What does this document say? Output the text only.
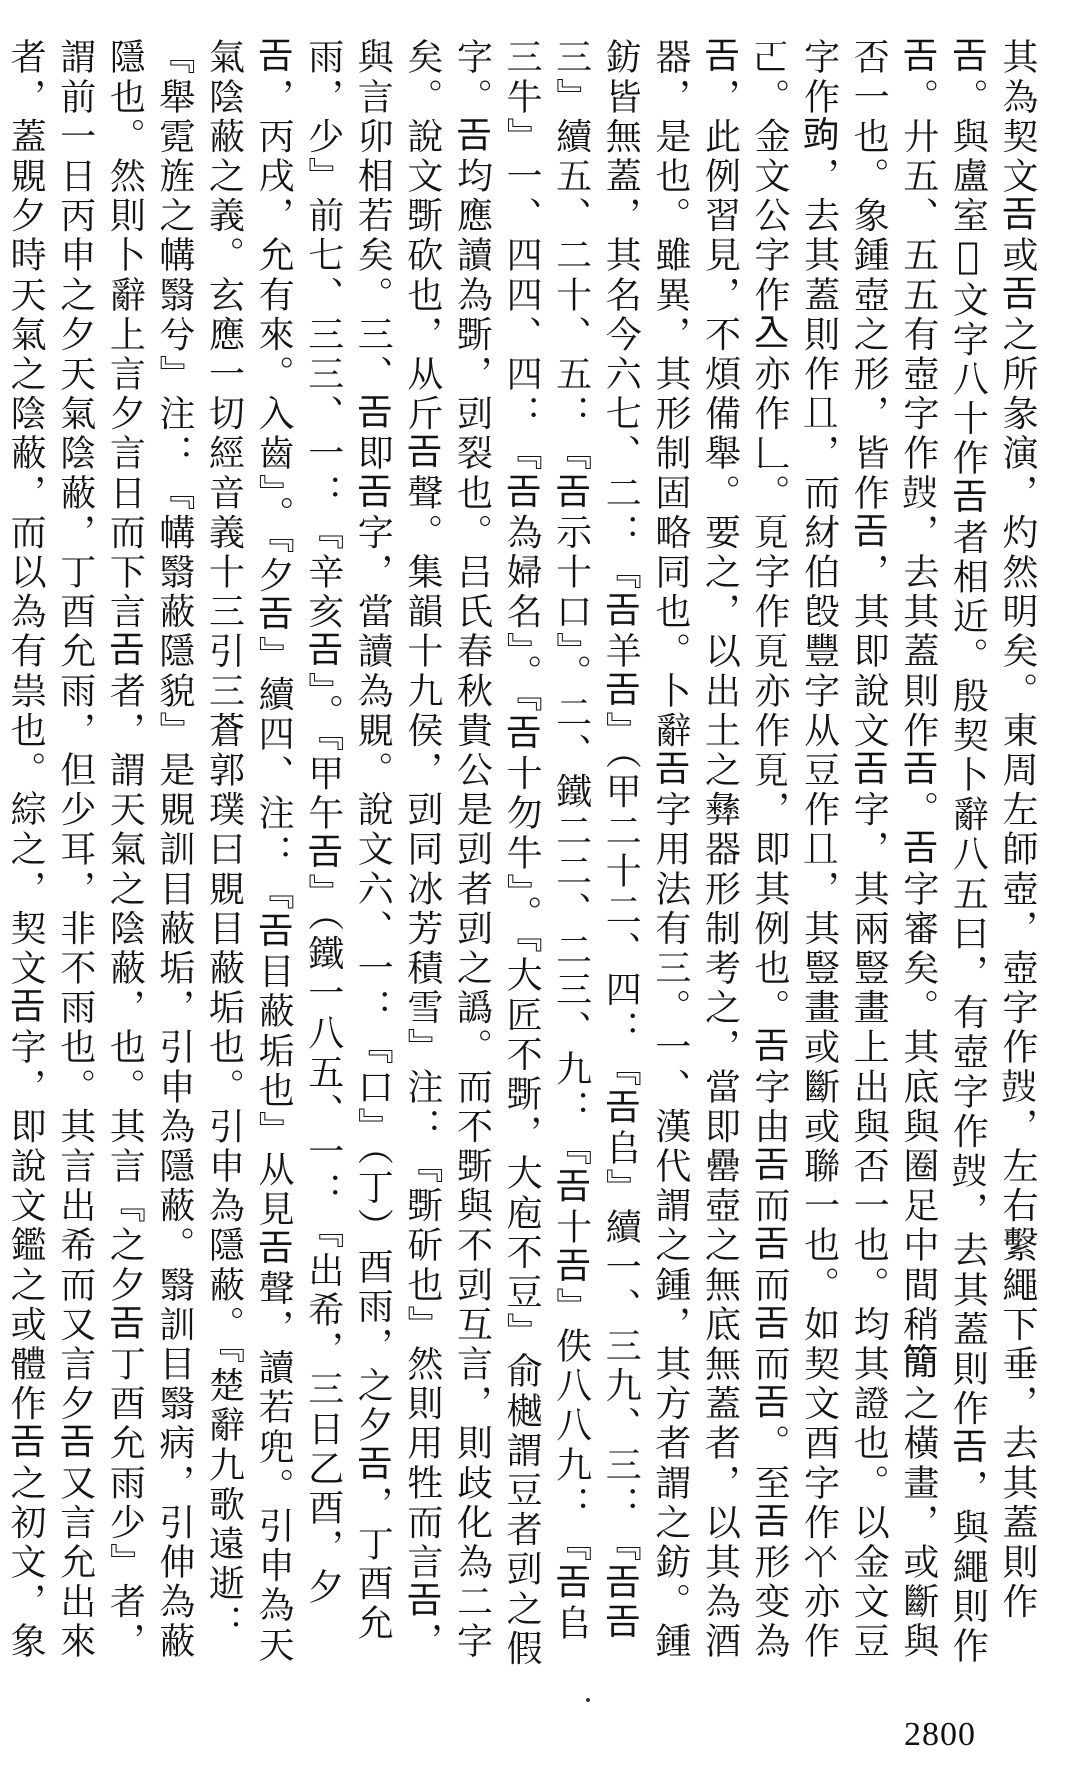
其為契文𢀛或𢀛之所彖演，灼然明矣。東周左師壺，壺字作𡔷，左右繫繩下垂，去其蓋則作𢀛。與盧室𢅥文字八十作𢀛者相近。殷契卜辭八五曰，有壺字作𡔷，去其蓋則作𢀛，與繩則作𢀛。廾五、五五有壺字作𡔷，去其蓋則作𢀛。𢀛字審矣。其底與圈足中間稍𥳑之橫畫，或斷與否一也。象鍾壺之形，皆作𢀛，其即說文𢀛字，其兩豎畫上出與否一也。均其證也。以金文豆字作𧯠，去其蓋則作𠀃，而䊷伯𣪘豐字从豆作𠀃，其豎畫或斷或聯一也。如契文酉字作𠁥亦作𠀀。金文公字作𠓛亦作𠃊。𩑋字作𩑋亦作𩑋，即其例也。𢀛字由𢀛而𢀛而𢀛而𢀛。至𢀛形变為𢀛，此例習見，不煩備舉。要之，以出土之彝器形制考之，當即罍壺之無底無蓋者，以其為酒器，是也。雖異，其形制固略同也。卜辭𢀛字用法有三。一、漢代謂之鍾，其方者謂之鈁。鍾鈁皆無蓋，其名今六七、二：『𢀛羊𢀛』（甲二十二、四：『𢀛𠂤』續一、三九、三：『𢀛𢀛三』續五、二十、五：『𢀛示十口』。二、鐵二二、二三、九：『𢀛十𢀛』佚八八九：『𢀛𠂤三牛』一、四四、四：『𢀛為婦名』。『𢀛十勿牛』。『大匠不斲，大庖不豆』俞樾謂豆者剅之假字。𢀛均應讀為斲，剅裂也。吕氏春秋貴公是剅者剅之譌。而不斲與不剅互言，則歧化為二字矣。說文斲砍也，从斤𢀛聲。集韻十九侯，剅同冰芳積雪』注：『斲斫也』然則用牲而言𢀛，與言卯相若矣。三、𢀛即𢀛字，當讀為覞。說文六、一：『口』（丁）酉雨，之夕𢀛，丁酉允雨，少』前七、三三、一：『辛亥𢀛』。『甲午𢀛』（鐵一八五、一：『出希，三日乙酉，夕𢀛，丙戌，允有來。入齒』。『夕𢀛』續四、注：『𢀛目蔽垢也』从見𢀛聲，讀若兜。引申為天氣陰蔽之義。玄應一切經音義十三引三蒼郭璞曰覞目蔽垢也。引申為隱蔽。『楚辭九歌遠逝：『舉霓旌之㡚翳兮』注：『㡚翳蔽隱貌』是覞訓目蔽垢，引申為隱蔽。翳訓目翳病，引伸為蔽隱也。然則卜辭上言夕言日而下言𢀛者，謂天氣之陰蔽，也。其言『之夕𢀛丁酉允雨少』者，謂前一日丙申之夕天氣陰蔽，丁酉允雨，但少耳，非不雨也。其言出希而又言夕𢀛又言允出來者，蓋覞夕時天氣之陰蔽，而以為有祟也。綜之，契文𢀛字，即說文鑑之或體作𢀛之初文，象

2800
